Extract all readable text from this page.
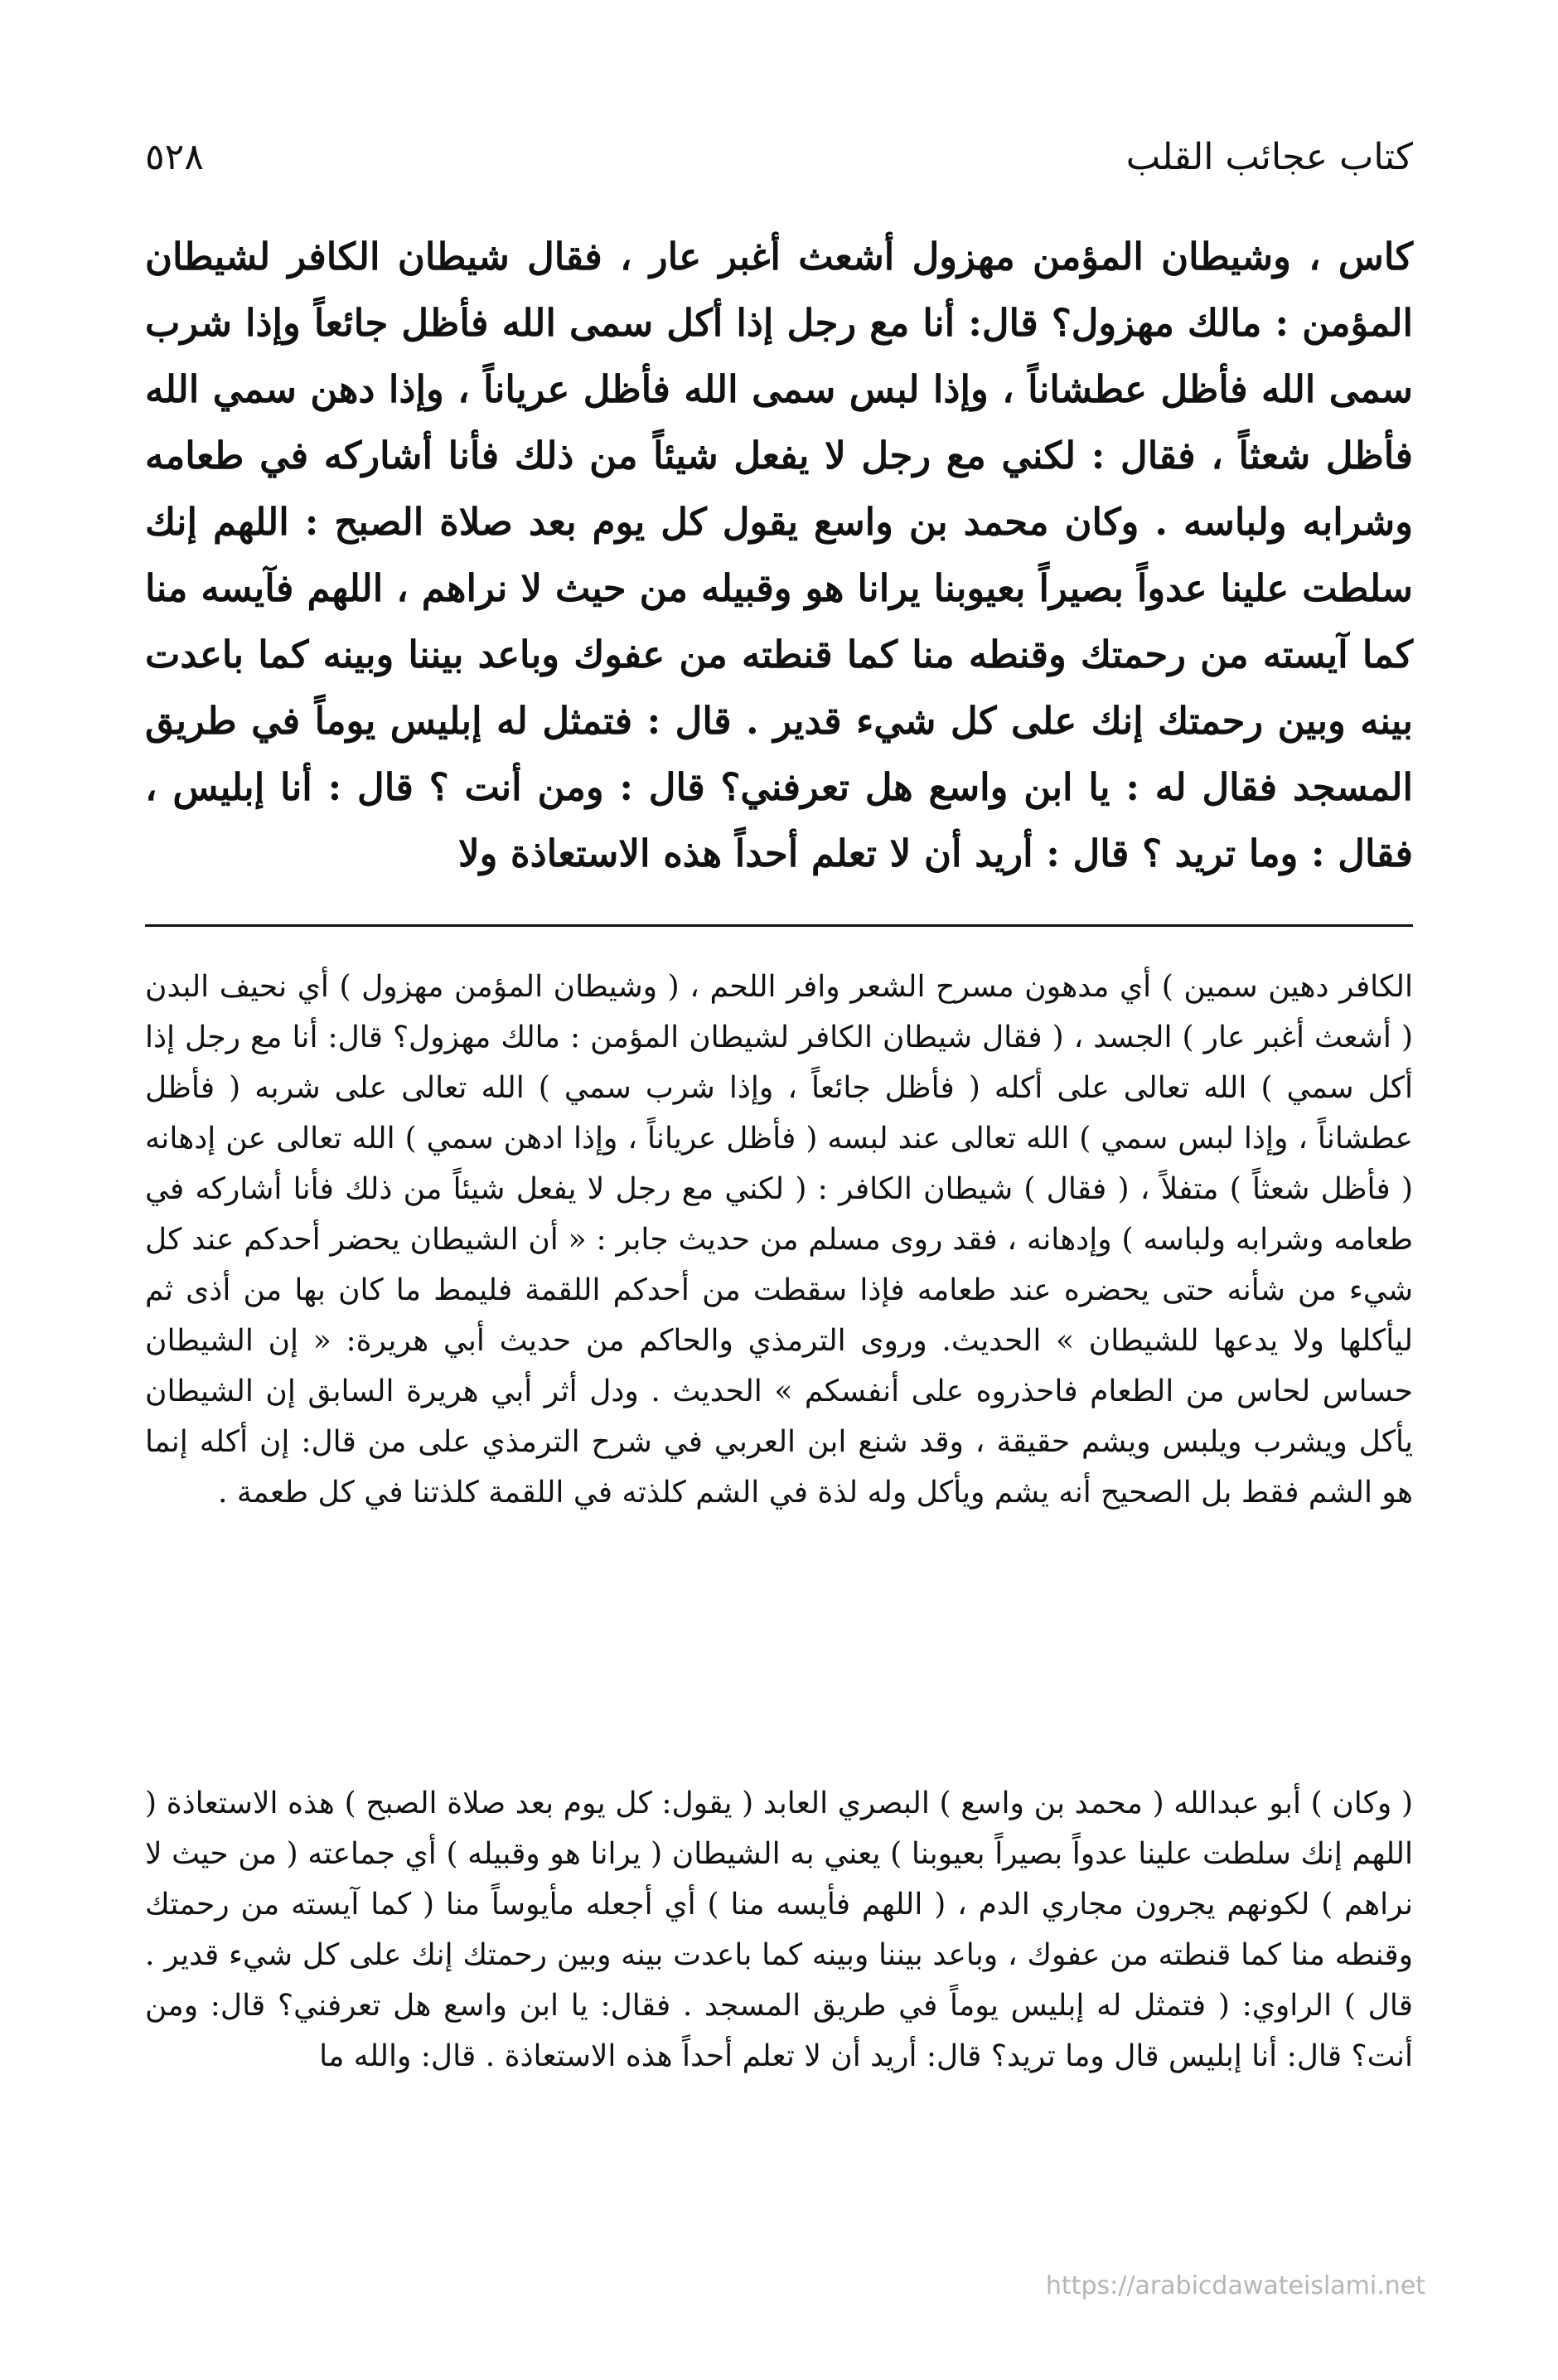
كتاب عجائب القلب
٥٢٨

كاس ، وشيطان المؤمن مهزول أشعث أغبر عار ، فقال شيطان الكافر لشيطان المؤمن : مالك مهزول؟ قال: أنا مع رجل إذا أكل سمى الله فأظل جائعاً وإذا شرب سمى الله فأظل عطشاناً ، وإذا لبس سمى الله فأظل عرياناً ، وإذا دهن سمي الله فأظل شعثاً ، فقال : لكني مع رجل لا يفعل شيئاً من ذلك فأنا أشاركه في طعامه وشرابه ولباسه . وكان محمد بن واسع يقول كل يوم بعد صلاة الصبح : اللهم إنك سلطت علينا عدواً بصيراً بعيوبنا يرانا هو وقبيله من حيث لا نراهم ، اللهم فآيسه منا كما آيسته من رحمتك وقنطه منا كما قنطته من عفوك وباعد بيننا وبينه كما باعدت بينه وبين رحمتك إنك على كل شيء قدير . قال : فتمثل له إبليس يوماً في طريق المسجد فقال له : يا ابن واسع هل تعرفني؟ قال : ومن أنت ؟ قال : أنا إبليس ، فقال : وما تريد ؟ قال : أريد أن لا تعلم أحداً هذه الاستعاذة ولا

الكافر دهين سمين ) أي مدهون مسرح الشعر وافر اللحم ، ( وشيطان المؤمن مهزول ) أي نحيف البدن ( أشعث أغبر عار ) الجسد ، ( فقال شيطان الكافر لشيطان المؤمن : مالك مهزول؟ قال: أنا مع رجل إذا أكل سمي ) الله تعالى على أكله ( فأظل جائعاً ، وإذا شرب سمي ) الله تعالى على شربه ( فأظل عطشاناً ، وإذا لبس سمي ) الله تعالى عند لبسه ( فأظل عرياناً ، وإذا ادهن سمي ) الله تعالى عن إدهانه ( فأظل شعثاً ) متفلاً ، ( فقال ) شيطان الكافر : ( لكني مع رجل لا يفعل شيئاً من ذلك فأنا أشاركه في طعامه وشرابه ولباسه ) وإدهانه ، فقد روى مسلم من حديث جابر : « أن الشيطان يحضر أحدكم عند كل شيء من شأنه حتى يحضره عند طعامه فإذا سقطت من أحدكم اللقمة فليمط ما كان بها من أذى ثم ليأكلها ولا يدعها للشيطان » الحديث. وروى الترمذي والحاكم من حديث أبي هريرة: « إن الشيطان حساس لحاس من الطعام فاحذروه على أنفسكم » الحديث . ودل أثر أبي هريرة السابق إن الشيطان يأكل ويشرب ويلبس ويشم حقيقة ، وقد شنع ابن العربي في شرح الترمذي على من قال: إن أكله إنما هو الشم فقط بل الصحيح أنه يشم ويأكل وله لذة في الشم كلذته في اللقمة كلذتنا في كل طعمة .

( وكان ) أبو عبدالله ( محمد بن واسع ) البصري العابد ( يقول: كل يوم بعد صلاة الصبح ) هذه الاستعاذة ( اللهم إنك سلطت علينا عدواً بصيراً بعيوبنا ) يعني به الشيطان ( يرانا هو وقبيله ) أي جماعته ( من حيث لا نراهم ) لكونهم يجرون مجاري الدم ، ( اللهم فأيسه منا ) أي أجعله مأيوساً منا ( كما آيسته من رحمتك وقنطه منا كما قنطته من عفوك ، وباعد بيننا وبينه كما باعدت بينه وبين رحمتك إنك على كل شيء قدير . قال ) الراوي: ( فتمثل له إبليس يوماً في طريق المسجد . فقال: يا ابن واسع هل تعرفني؟ قال: ومن أنت؟ قال: أنا إبليس قال وما تريد؟ قال: أريد أن لا تعلم أحداً هذه الاستعاذة . قال: والله ما

https://arabicdawateislami.net
